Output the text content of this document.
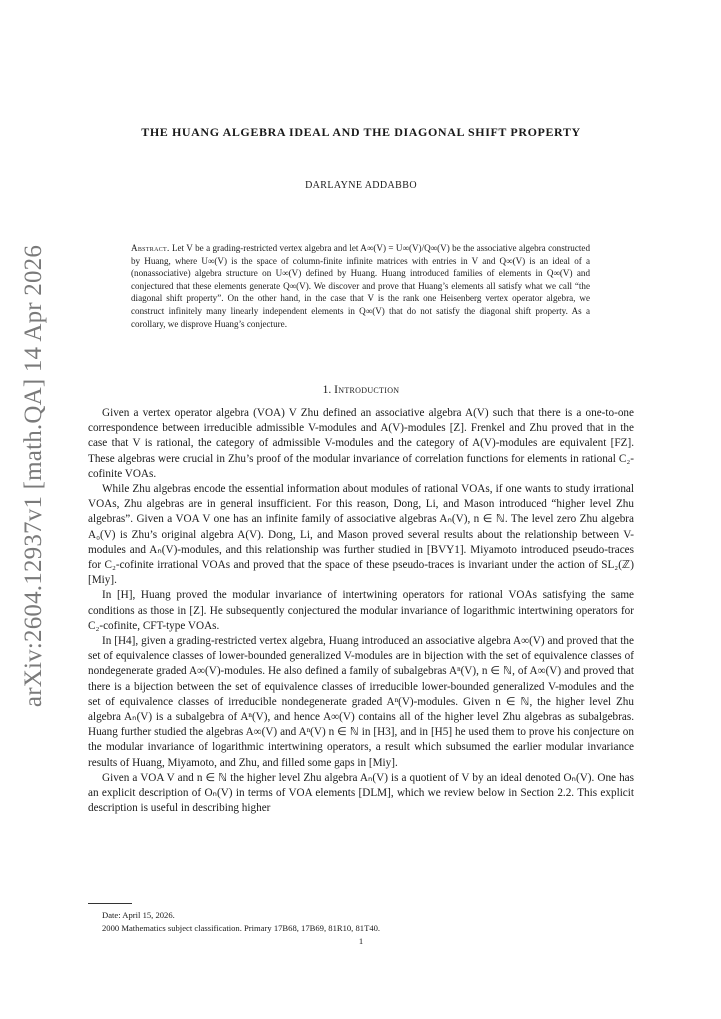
arXiv:2604.12937v1 [math.QA] 14 Apr 2026
THE HUANG ALGEBRA IDEAL AND THE DIAGONAL SHIFT PROPERTY
DARLAYNE ADDABBO
Abstract. Let V be a grading-restricted vertex algebra and let A∞(V) = U∞(V)/Q∞(V) be the associative algebra constructed by Huang, where U∞(V) is the space of column-finite infinite matrices with entries in V and Q∞(V) is an ideal of a (nonassociative) algebra structure on U∞(V) defined by Huang. Huang introduced families of elements in Q∞(V) and conjectured that these elements generate Q∞(V). We discover and prove that Huang’s elements all satisfy what we call “the diagonal shift property”. On the other hand, in the case that V is the rank one Heisenberg vertex operator algebra, we construct infinitely many linearly independent elements in Q∞(V) that do not satisfy the diagonal shift property. As a corollary, we disprove Huang’s conjecture.
1. Introduction

Given a vertex operator algebra (VOA) V Zhu defined an associative algebra A(V) such that there is a one-to-one correspondence between irreducible admissible V-modules and A(V)-modules [Z]. Frenkel and Zhu proved that in the case that V is rational, the category of admissible V-modules and the category of A(V)-modules are equivalent [FZ]. These algebras were crucial in Zhu’s proof of the modular invariance of correlation functions for elements in rational C₂-cofinite VOAs.

While Zhu algebras encode the essential information about modules of rational VOAs, if one wants to study irrational VOAs, Zhu algebras are in general insufficient. For this reason, Dong, Li, and Mason introduced “higher level Zhu algebras”. Given a VOA V one has an infinite family of associative algebras Aₙ(V), n ∈ ℕ. The level zero Zhu algebra A₀(V) is Zhu’s original algebra A(V). Dong, Li, and Mason proved several results about the relationship between V-modules and Aₙ(V)-modules, and this relationship was further studied in [BVY1]. Miyamoto introduced pseudo-traces for C₂-cofinite irrational VOAs and proved that the space of these pseudo-traces is invariant under the action of SL₂(ℤ) [Miy].

In [H], Huang proved the modular invariance of intertwining operators for rational VOAs satisfying the same conditions as those in [Z]. He subsequently conjectured the modular invariance of logarithmic intertwining operators for C₂-cofinite, CFT-type VOAs.

In [H4], given a grading-restricted vertex algebra, Huang introduced an associative algebra A∞(V) and proved that the set of equivalence classes of lower-bounded generalized V-modules are in bijection with the set of equivalence classes of nondegenerate graded A∞(V)-modules. He also defined a family of subalgebras Aⁿ(V), n ∈ ℕ, of A∞(V) and proved that there is a bijection between the set of equivalence classes of irreducible lower-bounded generalized V-modules and the set of equivalence classes of irreducible nondegenerate graded Aⁿ(V)-modules. Given n ∈ ℕ, the higher level Zhu algebra Aₙ(V) is a subalgebra of Aⁿ(V), and hence A∞(V) contains all of the higher level Zhu algebras as subalgebras. Huang further studied the algebras A∞(V) and Aⁿ(V) n ∈ ℕ in [H3], and in [H5] he used them to prove his conjecture on the modular invariance of logarithmic intertwining operators, a result which subsumed the earlier modular invariance results of Huang, Miyamoto, and Zhu, and filled some gaps in [Miy].

Given a VOA V and n ∈ ℕ the higher level Zhu algebra Aₙ(V) is a quotient of V by an ideal denoted Oₙ(V). One has an explicit description of Oₙ(V) in terms of VOA elements [DLM], which we review below in Section 2.2. This explicit description is useful in describing higher

Date: April 15, 2026.
2000 Mathematics subject classification. Primary 17B68, 17B69, 81R10, 81T40.
1
